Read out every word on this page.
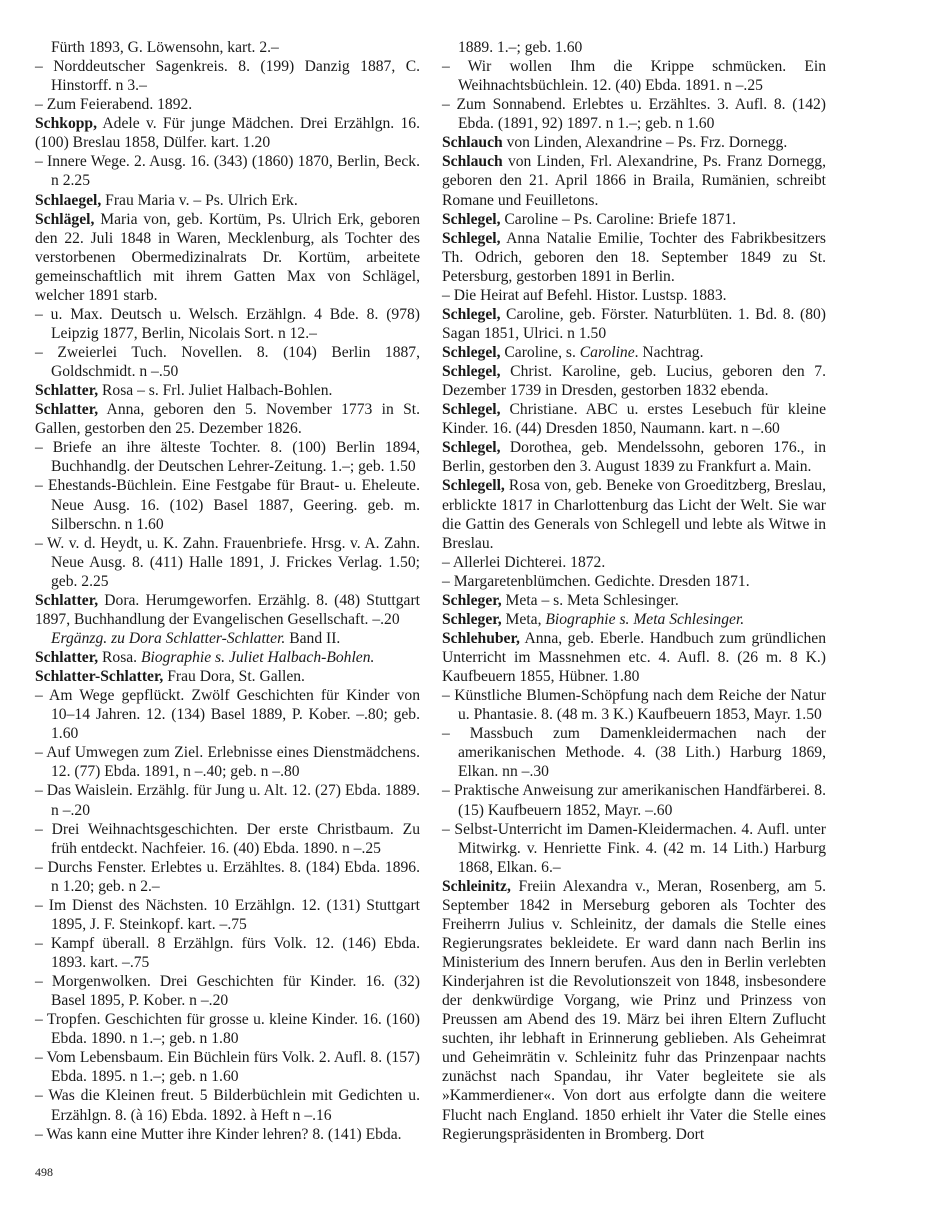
Fürth 1893, G. Löwensohn, kart. 2.–

– Norddeutscher Sagenkreis. 8. (199) Danzig 1887, C. Hinstorff. n 3.–

– Zum Feierabend. 1892.

Schkopp, Adele v. Für junge Mädchen. Drei Erzählgn. 16. (100) Breslau 1858, Dülfer. kart. 1.20

– Innere Wege. 2. Ausg. 16. (343) (1860) 1870, Berlin, Beck. n 2.25

Schlaegel, Frau Maria v. – Ps. Ulrich Erk.

Schlägel, Maria von, geb. Kortüm, Ps. Ulrich Erk, geboren den 22. Juli 1848 in Waren, Mecklenburg, als Tochter des verstorbenen Obermedizinalrats Dr. Kortüm, arbeitete gemeinschaftlich mit ihrem Gatten Max von Schlägel, welcher 1891 starb.

– u. Max. Deutsch u. Welsch. Erzählgn. 4 Bde. 8. (978) Leipzig 1877, Berlin, Nicolais Sort. n 12.–

– Zweierlei Tuch. Novellen. 8. (104) Berlin 1887, Goldschmidt. n –.50

Schlatter, Rosa – s. Frl. Juliet Halbach-Bohlen.

Schlatter, Anna, geboren den 5. November 1773 in St. Gallen, gestorben den 25. Dezember 1826.

– Briefe an ihre älteste Tochter. 8. (100) Berlin 1894, Buchhandlg. der Deutschen Lehrer-Zeitung. 1.–; geb. 1.50

– Ehestands-Büchlein. Eine Festgabe für Braut- u. Eheleute. Neue Ausg. 16. (102) Basel 1887, Geering. geb. m. Silberschn. n 1.60

– W. v. d. Heydt, u. K. Zahn. Frauenbriefe. Hrsg. v. A. Zahn. Neue Ausg. 8. (411) Halle 1891, J. Frickes Verlag. 1.50; geb. 2.25

Schlatter, Dora. Herumgeworfen. Erzählg. 8. (48) Stuttgart 1897, Buchhandlung der Evangelischen Gesellschaft. –.20

Ergänzg. zu Dora Schlatter-Schlatter. Band II.

Schlatter, Rosa. Biographie s. Juliet Halbach-Bohlen.

Schlatter-Schlatter, Frau Dora, St. Gallen.

– Am Wege gepflückt. Zwölf Geschichten für Kinder von 10–14 Jahren. 12. (134) Basel 1889, P. Kober. –.80; geb. 1.60

– Auf Umwegen zum Ziel. Erlebnisse eines Dienstmädchens. 12. (77) Ebda. 1891, n –.40; geb. n –.80

– Das Waislein. Erzählg. für Jung u. Alt. 12. (27) Ebda. 1889. n –.20

– Drei Weihnachtsgeschichten. Der erste Christbaum. Zu früh entdeckt. Nachfeier. 16. (40) Ebda. 1890. n –.25

– Durchs Fenster. Erlebtes u. Erzähltes. 8. (184) Ebda. 1896. n 1.20; geb. n 2.–

– Im Dienst des Nächsten. 10 Erzählgn. 12. (131) Stuttgart 1895, J. F. Steinkopf. kart. –.75

– Kampf überall. 8 Erzählgn. fürs Volk. 12. (146) Ebda. 1893. kart. –.75

– Morgenwolken. Drei Geschichten für Kinder. 16. (32) Basel 1895, P. Kober. n –.20

– Tropfen. Geschichten für grosse u. kleine Kinder. 16. (160) Ebda. 1890. n 1.–; geb. n 1.80

– Vom Lebensbaum. Ein Büchlein fürs Volk. 2. Aufl. 8. (157) Ebda. 1895. n 1.–; geb. n 1.60

– Was die Kleinen freut. 5 Bilderbüchlein mit Gedichten u. Erzählgn. 8. (à 16) Ebda. 1892. à Heft n –.16

– Was kann eine Mutter ihre Kinder lehren? 8. (141) Ebda.

1889. 1.–; geb. 1.60

– Wir wollen Ihm die Krippe schmücken. Ein Weihnachtsbüchlein. 12. (40) Ebda. 1891. n –.25

– Zum Sonnabend. Erlebtes u. Erzähltes. 3. Aufl. 8. (142) Ebda. (1891, 92) 1897. n 1.–; geb. n 1.60

Schlauch von Linden, Alexandrine – Ps. Frz. Dornegg.

Schlauch von Linden, Frl. Alexandrine, Ps. Franz Dornegg, geboren den 21. April 1866 in Braila, Rumänien, schreibt Romane und Feuilletons.

Schlegel, Caroline – Ps. Caroline: Briefe 1871.

Schlegel, Anna Natalie Emilie, Tochter des Fabrikbesitzers Th. Odrich, geboren den 18. September 1849 zu St. Petersburg, gestorben 1891 in Berlin.

– Die Heirat auf Befehl. Histor. Lustsp. 1883.

Schlegel, Caroline, geb. Förster. Naturblüten. 1. Bd. 8. (80) Sagan 1851, Ulrici. n 1.50

Schlegel, Caroline, s. Caroline. Nachtrag.

Schlegel, Christ. Karoline, geb. Lucius, geboren den 7. Dezember 1739 in Dresden, gestorben 1832 ebenda.

Schlegel, Christiane. ABC u. erstes Lesebuch für kleine Kinder. 16. (44) Dresden 1850, Naumann. kart. n –.60

Schlegel, Dorothea, geb. Mendelssohn, geboren 176., in Berlin, gestorben den 3. August 1839 zu Frankfurt a. Main.

Schlegell, Rosa von, geb. Beneke von Groeditzberg, Breslau, erblickte 1817 in Charlottenburg das Licht der Welt. Sie war die Gattin des Generals von Schlegell und lebte als Witwe in Breslau.

– Allerlei Dichterei. 1872.

– Margaretenblümchen. Gedichte. Dresden 1871.

Schleger, Meta – s. Meta Schlesinger.

Schleger, Meta, Biographie s. Meta Schlesinger.

Schlehuber, Anna, geb. Eberle. Handbuch zum gründlichen Unterricht im Massnehmen etc. 4. Aufl. 8. (26 m. 8 K.) Kaufbeuern 1855, Hübner. 1.80

– Künstliche Blumen-Schöpfung nach dem Reiche der Natur u. Phantasie. 8. (48 m. 3 K.) Kaufbeuern 1853, Mayr. 1.50

– Massbuch zum Damenkleidermachen nach der amerikanischen Methode. 4. (38 Lith.) Harburg 1869, Elkan. nn –.30

– Praktische Anweisung zur amerikanischen Handfärberei. 8. (15) Kaufbeuern 1852, Mayr. –.60

– Selbst-Unterricht im Damen-Kleidermachen. 4. Aufl. unter Mitwirkg. v. Henriette Fink. 4. (42 m. 14 Lith.) Harburg 1868, Elkan. 6.–

Schleinitz, Freiin Alexandra v., Meran, Rosenberg, am 5. September 1842 in Merseburg geboren als Tochter des Freiherrn Julius v. Schleinitz, der damals die Stelle eines Regierungsrates bekleidete. Er ward dann nach Berlin ins Ministerium des Innern berufen. Aus den in Berlin verlebten Kinderjahren ist die Revolutionszeit von 1848, insbesondere der denkwürdige Vorgang, wie Prinz und Prinzess von Preussen am Abend des 19. März bei ihren Eltern Zuflucht suchten, ihr lebhaft in Erinnerung geblieben. Als Geheimrat und Geheimrätin v. Schleinitz fuhr das Prinzenpaar nachts zunächst nach Spandau, ihr Vater begleitete sie als »Kammerdiener«. Von dort aus erfolgte dann die weitere Flucht nach England. 1850 erhielt ihr Vater die Stelle eines Regierungspräsidenten in Bromberg. Dort

498
